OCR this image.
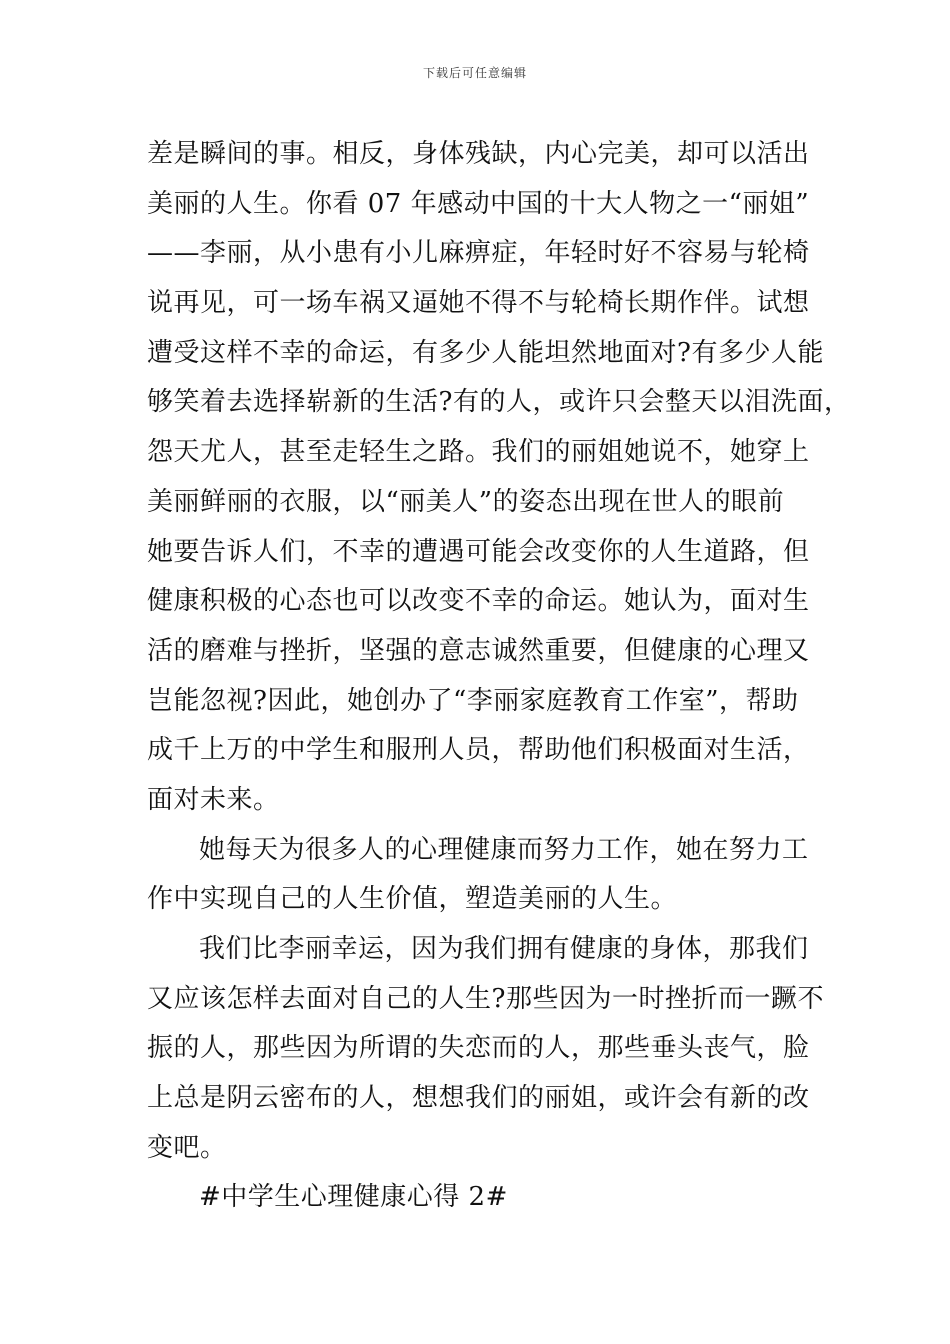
下载后可任意编辑
差是瞬间的事。相反，身体残缺，内心完美，却可以活出
美丽的人生。你看 07 年感动中国的十大人物之一“丽姐”
——李丽，从小患有小儿麻痹症，年轻时好不容易与轮椅
说再见，可一场车祸又逼她不得不与轮椅长期作伴。试想
遭受这样不幸的命运，有多少人能坦然地面对?有多少人能
够笑着去选择崭新的生活?有的人，或许只会整天以泪洗面，
怨天尤人，甚至走轻生之路。我们的丽姐她说不，她穿上
美丽鲜丽的衣服，以“丽美人”的姿态出现在世人的眼前
她要告诉人们，不幸的遭遇可能会改变你的人生道路，但
健康积极的心态也可以改变不幸的命运。她认为，面对生
活的磨难与挫折，坚强的意志诚然重要，但健康的心理又
岂能忽视?因此，她创办了“李丽家庭教育工作室”，帮助
成千上万的中学生和服刑人员，帮助他们积极面对生活，
面对未来。
她每天为很多人的心理健康而努力工作，她在努力工
作中实现自己的人生价值，塑造美丽的人生。
我们比李丽幸运，因为我们拥有健康的身体，那我们
又应该怎样去面对自己的人生?那些因为一时挫折而一蹶不
振的人，那些因为所谓的失恋而的人，那些垂头丧气，脸
上总是阴云密布的人，想想我们的丽姐，或许会有新的改
变吧。
#中学生心理健康心得 2#
